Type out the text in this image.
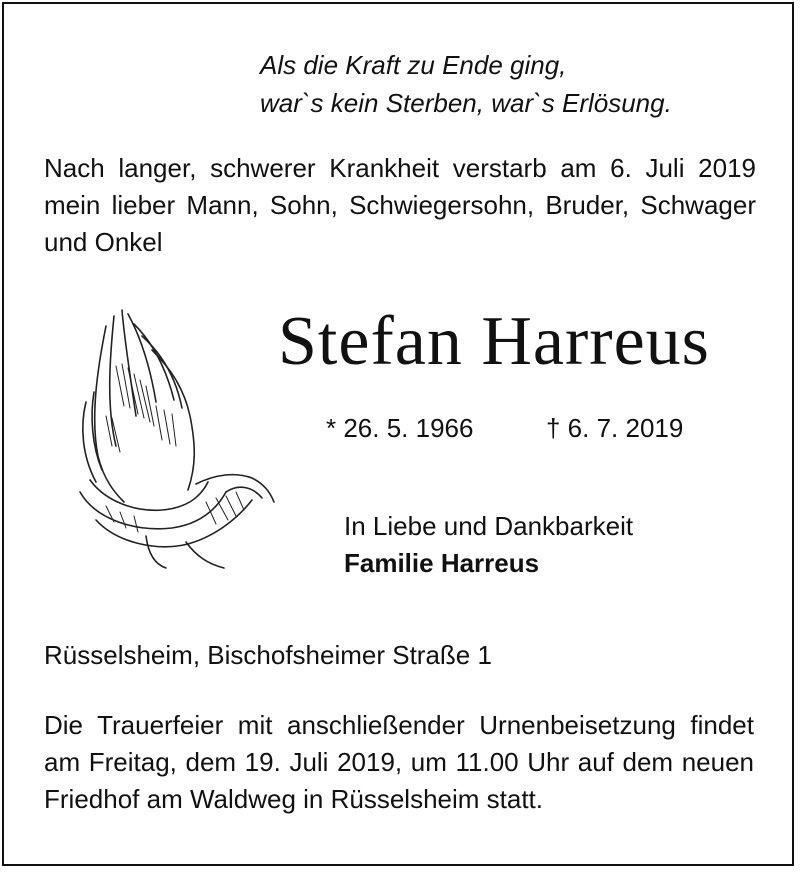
Als die Kraft zu Ende ging,
war`s kein Sterben, war`s Erlösung.

Nach langer, schwerer Krankheit verstarb am 6. Juli 2019 mein lieber Mann, Sohn, Schwiegersohn, Bruder, Schwager und Onkel

Stefan Harreus
* 26. 5. 1966	† 6. 7. 2019
In Liebe und Dankbarkeit
Familie Harreus
Rüsselsheim, Bischofsheimer Straße 1

Die Trauerfeier mit anschließender Urnenbeisetzung findet am Freitag, dem 19. Juli 2019, um 11.00 Uhr auf dem neuen Friedhof am Waldweg in Rüsselsheim statt.
